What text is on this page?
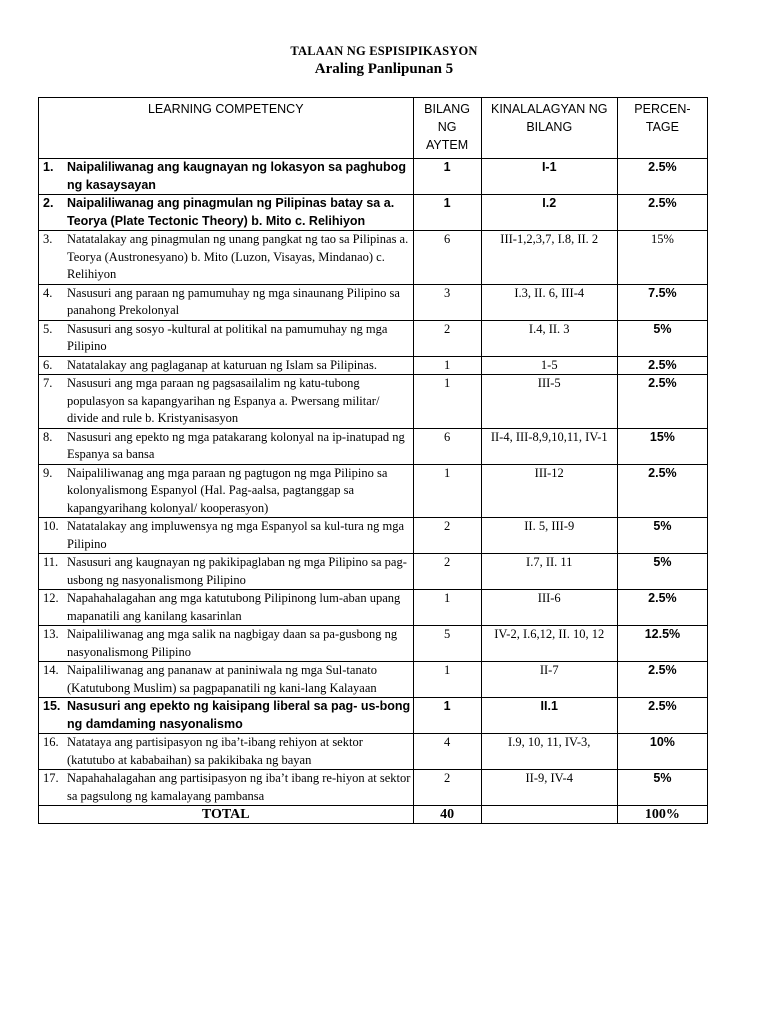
TALAAN NG ESPISIPIKASYON
Araling Panlipunan 5
LEARNING COMPETENCY	BILANG NG AYTEM	KINALALAGYAN NG BILANG	PERCEN-TAGE

1. Naipaliliwanag ang kaugnayan ng lokasyon sa paghubog ng kasaysayan	1	I-1	2.5%

2. Naipaliliwanag ang pinagmulan ng Pilipinas batay sa a. Teorya (Plate Tectonic Theory) b. Mito c. Relihiyon	1	I.2	2.5%

3. Natatalakay ang pinagmulan ng unang pangkat ng tao sa Pilipinas a. Teorya (Austronesyano) b. Mito (Luzon, Visayas, Mindanao) c. Relihiyon	6	III-1,2,3,7, I.8, II. 2	15%

4. Nasusuri ang paraan ng pamumuhay ng mga sinaunang Pilipino sa panahong Prekolonyal	3	I.3, II. 6, III-4	7.5%

5. Nasusuri ang sosyo -kultural at politikal na pamumuhay ng mga Pilipino	2	I.4, II. 3	5%

6. Natatalakay ang paglaganap at katuruan ng Islam sa Pilipinas.	1	1-5	2.5%

7. Nasusuri ang mga paraan ng pagsasailalim ng katu-tubong populasyon sa kapangyarihan ng Espanya a. Pwersang militar/ divide and rule b. Kristyanisasyon	1	III-5	2.5%

8. Nasusuri ang epekto ng mga patakarang kolonyal na ip-inatupad ng Espanya sa bansa	6	II-4, III-8,9,10,11, IV-1	15%

9. Naipaliliwanag ang mga paraan ng pagtugon ng mga Pilipino sa kolonyalismong Espanyol (Hal. Pag-aalsa, pagtanggap sa kapangyarihang kolonyal/ kooperasyon)	1	III-12	2.5%

10. Natatalakay ang impluwensya ng mga Espanyol sa kul-tura ng mga Pilipino	2	II. 5, III-9	5%

11. Nasusuri ang kaugnayan ng pakikipaglaban ng mga Pilipino sa pag-usbong ng nasyonalismong Pilipino	2	I.7, II. 11	5%

12. Napahahalagahan ang mga katutubong Pilipinong lum-aban upang mapanatili ang kanilang kasarinlan	1	III-6	2.5%

13. Naipaliliwanag ang mga salik na nagbigay daan sa pa-gusbong ng nasyonalismong Pilipino	5	IV-2, I.6,12, II. 10, 12	12.5%

14. Naipaliliwanag ang pananaw at paniniwala ng mga Sul-tanato (Katutubong Muslim) sa pagpapanatili ng kani-lang Kalayaan	1	II-7	2.5%

15. Nasusuri ang epekto ng kaisipang liberal sa pag- us-bong ng damdaming nasyonalismo	1	II.1	2.5%

16. Natataya ang partisipasyon ng iba’t-ibang rehiyon at sektor (katutubo at kababaihan) sa pakikibaka ng bayan	4	I.9, 10, 11, IV-3,	10%

17. Napahahalagahan ang partisipasyon ng iba’t ibang re-hiyon at sektor sa pagsulong ng kamalayang pambansa	2	II-9, IV-4	5%
TOTAL	40		100%
